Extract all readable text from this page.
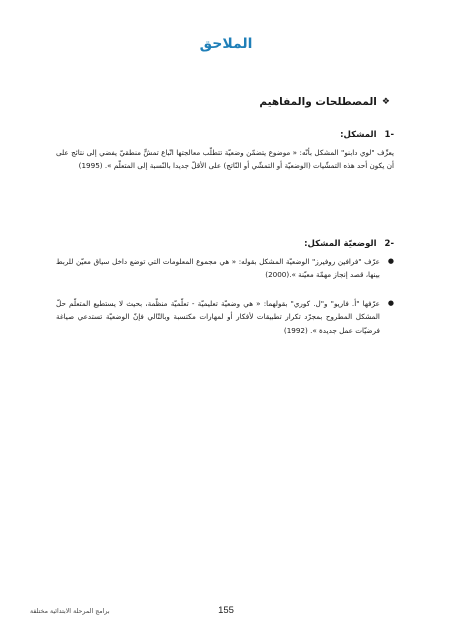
الملاحق
❖
المصطلحات والمفاهيم
-1
المشكل:
يعرِّف "لوي دابنو" المشكل بأنّه: « موضوع يتضمّن وضعيّة تتطلّب معالجتها اتّباع تمشٍّ منطقيّ يفضي إلى نتائج على أن يكون أحد هذه التمشّيات (الوضعيّة أو التمشّي أو النّاتج) على الأقلّ جديدا بالنّسبة إلى المتعلّم ». (1995)
-2
الوضعيّة المشكل:
●
عرّف "فرافين روفيرز" الوضعيّة المشكل بقوله: « هي مجموع المعلومات التي توضع داخل سياق معيّن للربط بينها، قصد إنجاز مهمّة معيّنة ».(2000)
●
عرّفها "أ. فاريو" و"ل. كوري" بقولهما: « هي وضعيّة تعليميّة - تعلّميّة منظّمة، بحيث لا يستطيع المتعلّم حلّ المشكل المطروح بمجرّد تكرار تطبيقات لأفكار أو لمهارات مكتسبة وبالتّالي فإنّ الوضعيّة تستدعي صياغة فرضيّات عمل جديدة ». (1992)
155
برامج المرحلة الابتدائية مختلفة
